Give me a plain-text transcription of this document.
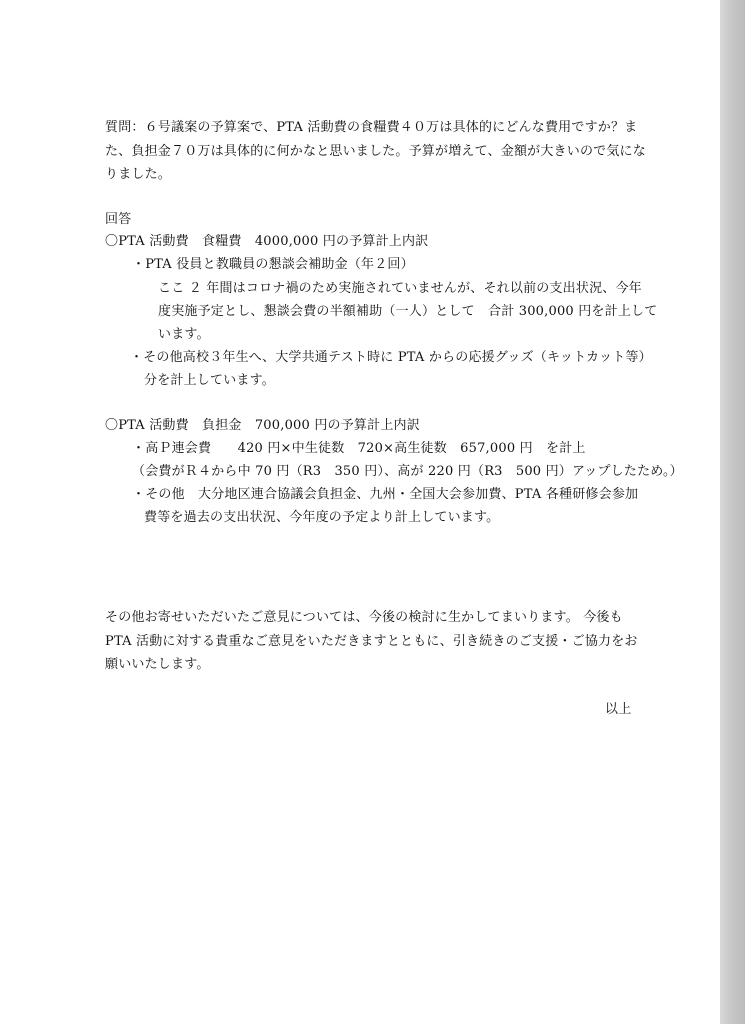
質問：６号議案の予算案で、PTA 活動費の食糧費４０万は具体的にどんな費用ですか？ま
た、負担金７０万は具体的に何かなと思いました。予算が増えて、金額が大きいので気にな
りました。
回答
〇PTA 活動費　食糧費　4000,000 円の予算計上内訳
・PTA 役員と教職員の懇談会補助金（年２回）
ここ ２ 年間はコロナ禍のため実施されていませんが、それ以前の支出状況、今年
度実施予定とし、懇談会費の半額補助（一人）として　合計 300,000 円を計上して
います。
・その他高校３年生へ、大学共通テスト時に PTA からの応援グッズ（キットカット等）
分を計上しています。
〇PTA 活動費　負担金　700,000 円の予算計上内訳
・高Ｐ連会費　　420 円×中生徒数　720×高生徒数　657,000 円　を計上
（会費がＲ４から中 70 円（R3　350 円）、高が 220 円（R3　500 円）アップしたため。）
・その他　大分地区連合協議会負担金、九州・全国大会参加費、PTA 各種研修会参加
費等を過去の支出状況、今年度の予定より計上しています。
その他お寄せいただいたご意見については、今後の検討に生かしてまいります。 今後も
PTA 活動に対する貴重なご意見をいただきますとともに、引き続きのご支援・ご協力をお
願いいたします。
以上
